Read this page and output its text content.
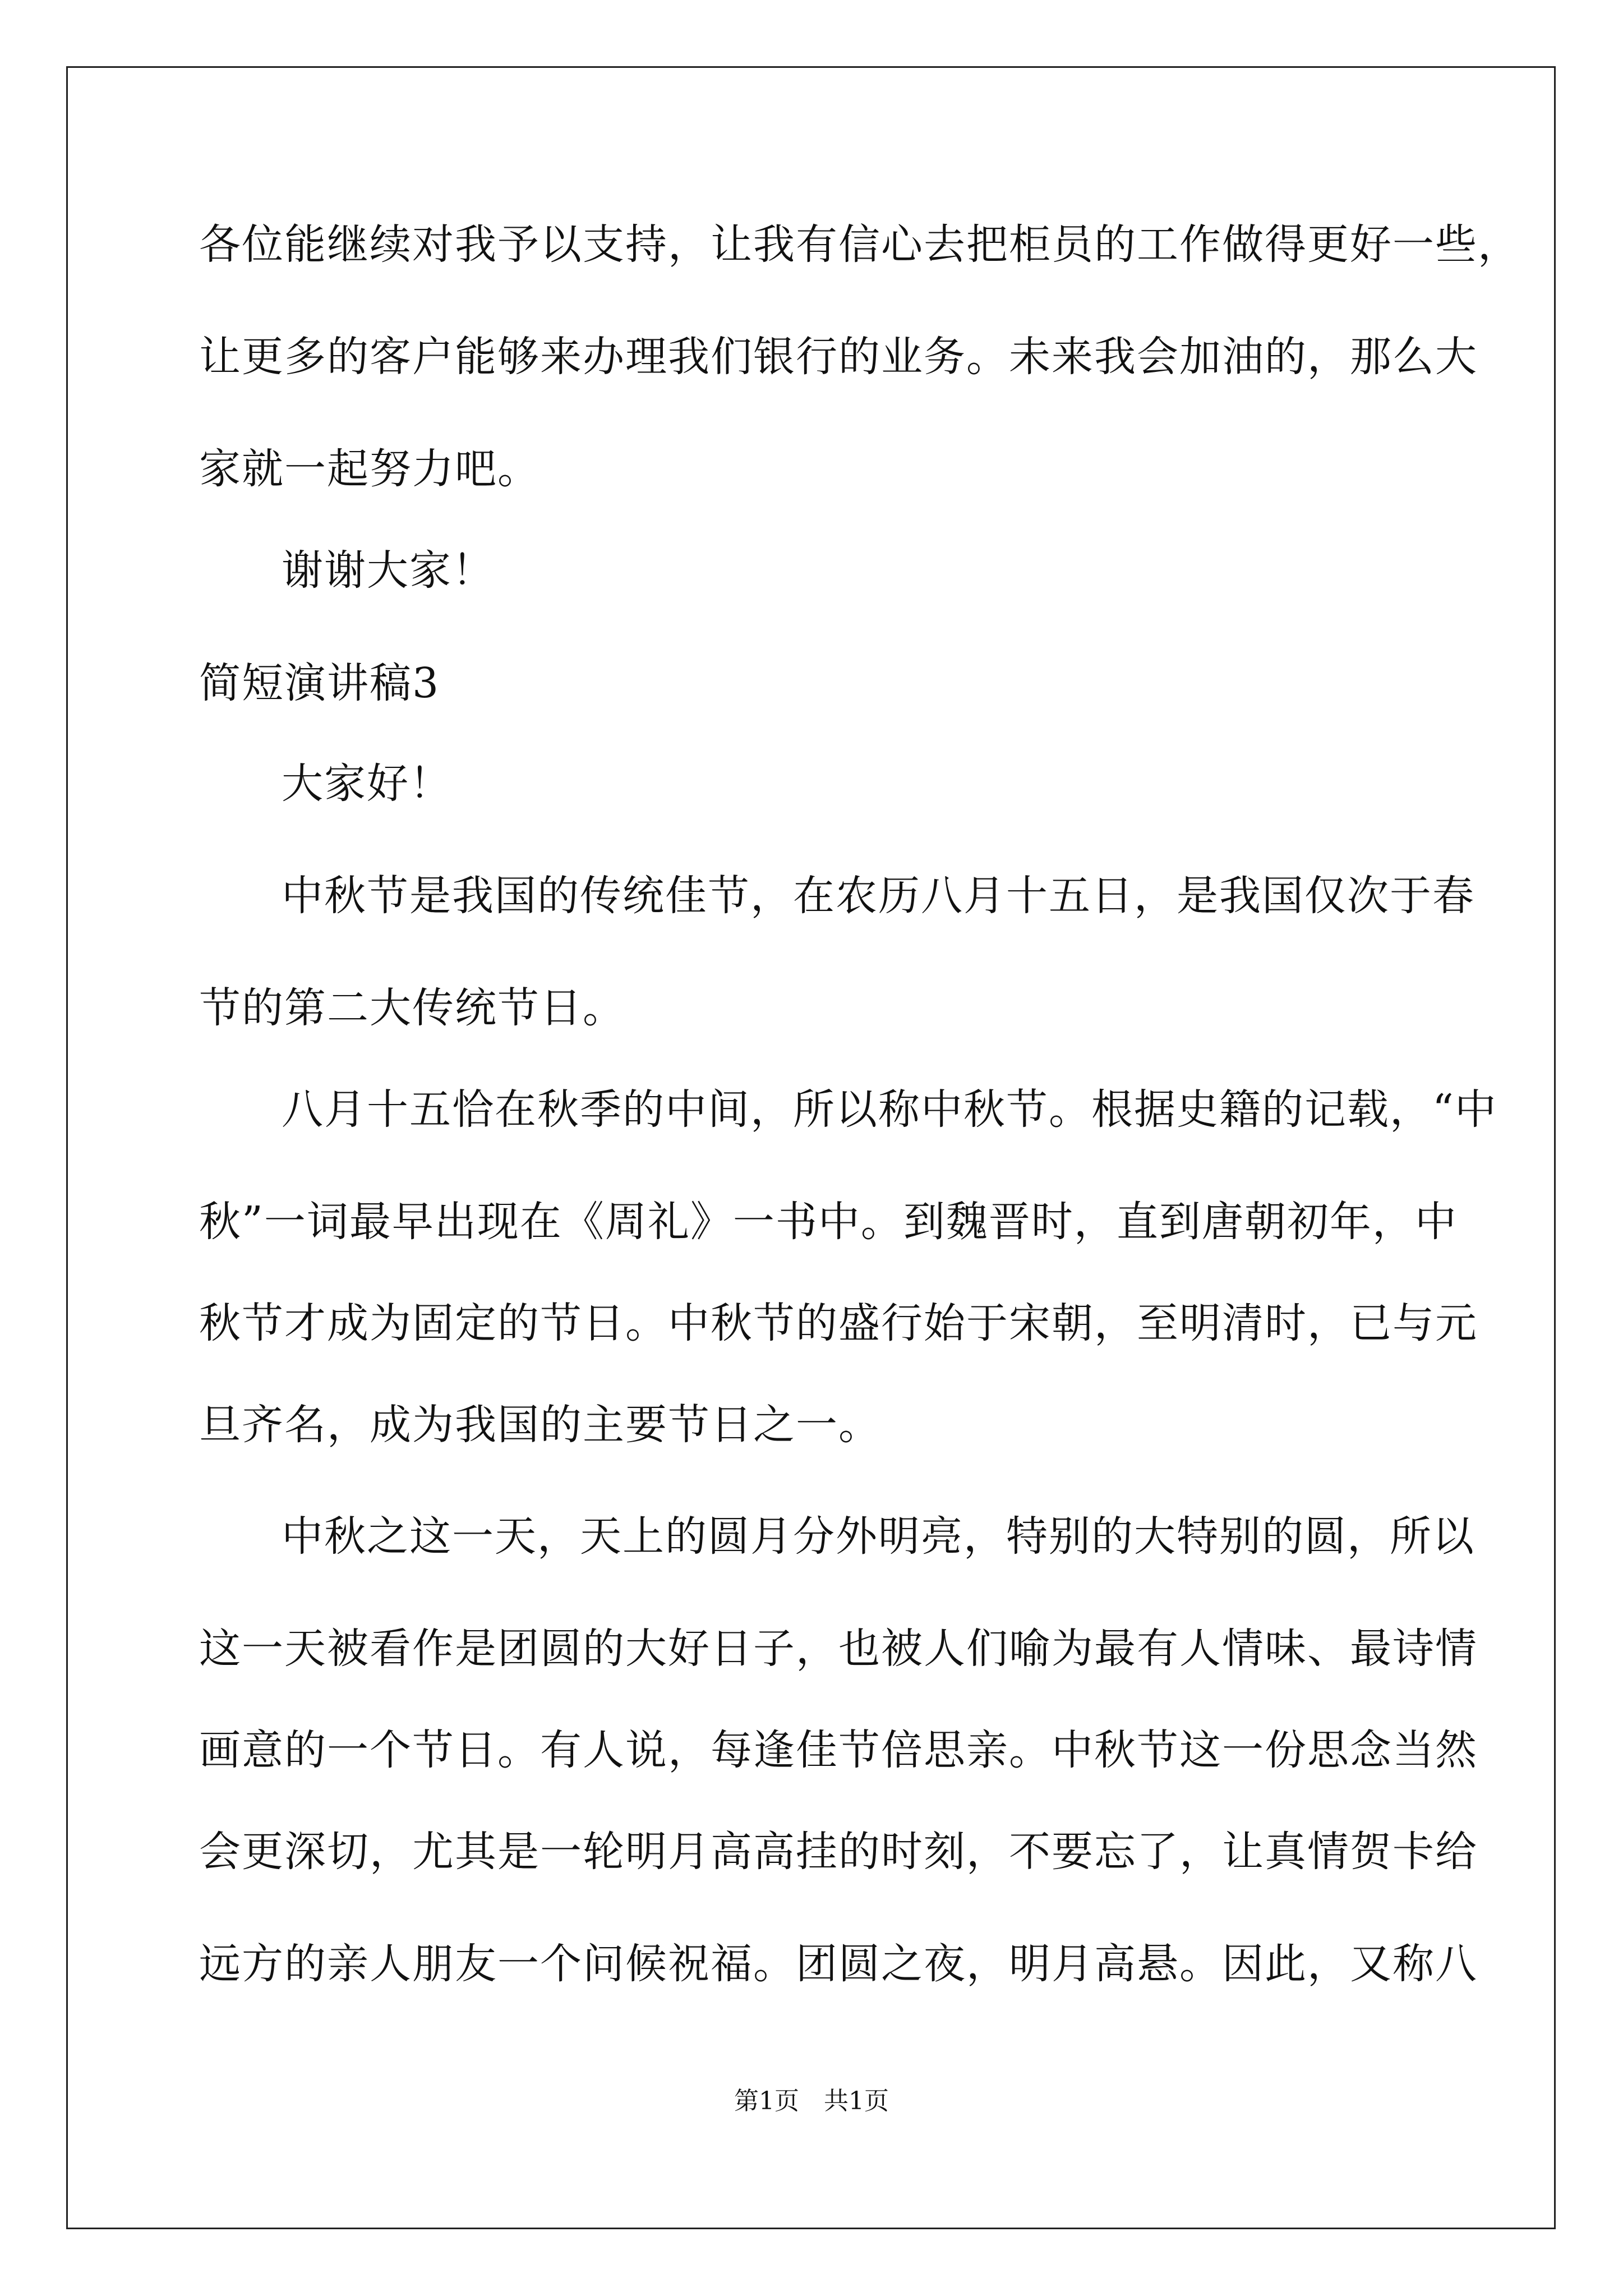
各位能继续对我予以支持，让我有信心去把柜员的工作做得更好一些，
让更多的客户能够来办理我们银行的业务。未来我会加油的，那么大
家就一起努力吧。
谢谢大家！
简短演讲稿3
大家好！
中秋节是我国的传统佳节，在农历八月十五日，是我国仅次于春
节的第二大传统节日。
八月十五恰在秋季的中间，所以称中秋节。根据史籍的记载，“中
秋”一词最早出现在《周礼》一书中。到魏晋时，直到唐朝初年，中
秋节才成为固定的节日。中秋节的盛行始于宋朝，至明清时，已与元
旦齐名，成为我国的主要节日之一。
中秋之这一天，天上的圆月分外明亮，特别的大特别的圆，所以
这一天被看作是团圆的大好日子，也被人们喻为最有人情味、最诗情
画意的一个节日。有人说，每逢佳节倍思亲。中秋节这一份思念当然
会更深切，尤其是一轮明月高高挂的时刻，不要忘了，让真情贺卡给
远方的亲人朋友一个问候祝福。团圆之夜，明月高悬。因此，又称八
第1页　共1页
